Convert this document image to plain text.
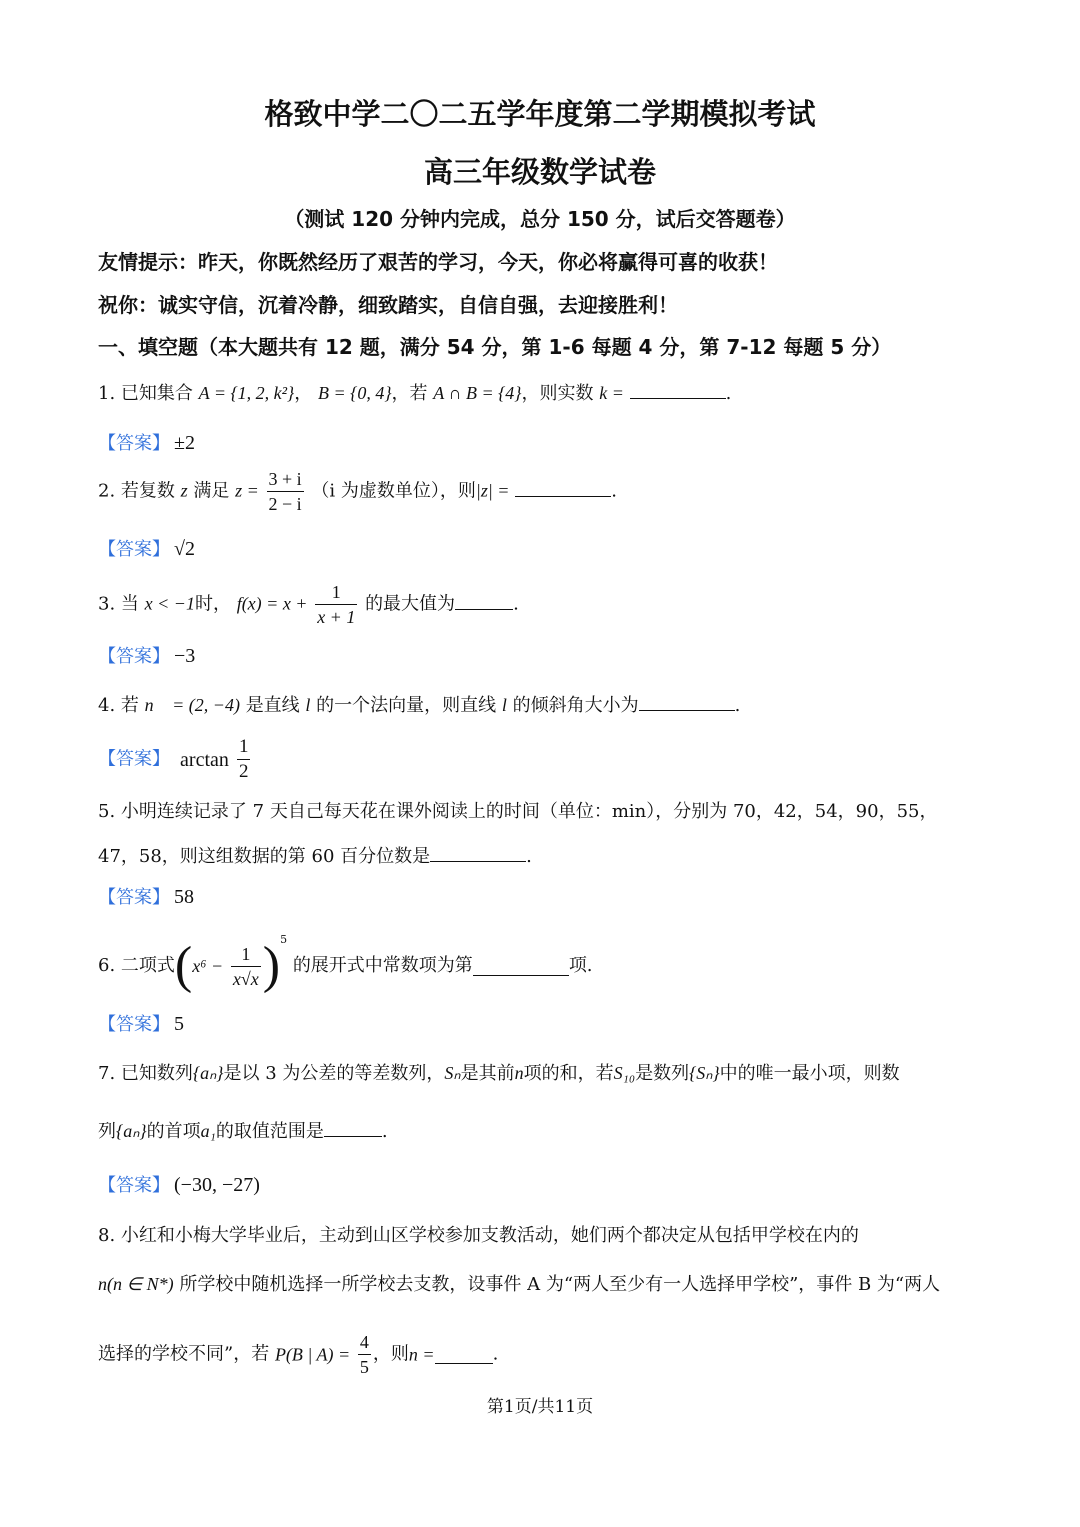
格致中学二〇二五学年度第二学期模拟考试
高三年级数学试卷
（测试 120 分钟内完成，总分 150 分，试后交答题卷）
友情提示：昨天，你既然经历了艰苦的学习，今天，你必将赢得可喜的收获！
祝你：诚实守信，沉着冷静，细致踏实，自信自强，去迎接胜利！
一、填空题（本大题共有 12 题，满分 54 分，第 1-6 每题 4 分，第 7-12 每题 5 分）
1. 已知集合 A = {1, 2, k²}， B = {0, 4}，若 A ∩ B = {4}，则实数 k =	.
【答案】 ±2
2. 若复数 z 满足 $z = \frac{3 + i}{2 - i} (i$ 为虚数单位），则|z| =	.
【答案】 √2
3. 当 x < −1时， $f(x) = x + \frac{1}{x + 1}$ 的最大值为	.
【答案】 −3
4. 若 n⃗ = (2, −4) 是直线 l 的一个法向量，则直线 l 的倾斜角大小为	.
【答案】 $\arctan \frac{1}{2}$
5. 小明连续记录了 7 天自己每天花在课外阅读上的时间（单位：min），分别为 70，42，54，90，55，
47，58，则这组数据的第 60 百分位数是	.
【答案】 58
6. 二项式$(x^6 - \frac{1}{x√x} )^5$ 的展开式中常数项为第	项.
【答案】 5
7. 已知数列{aₙ}是以 3 为公差的等差数列，Sₙ是其前n项的和，若S₁₀是数列{Sₙ}中的唯一最小项，则数
列{aₙ}的首项a₁的取值范围是	.
【答案】 (−30, −27)
8. 小红和小梅大学毕业后，主动到山区学校参加支教活动，她们两个都决定从包括甲学校在内的
n(n ∈ N*) 所学校中随机选择一所学校去支教，设事件 A 为“两人至少有一人选择甲学校”，事件 B 为“两人
选择的学校不同”，若 P(B | $A) = \frac{4}{5}$ ，则n =	.
第1页/共11页
